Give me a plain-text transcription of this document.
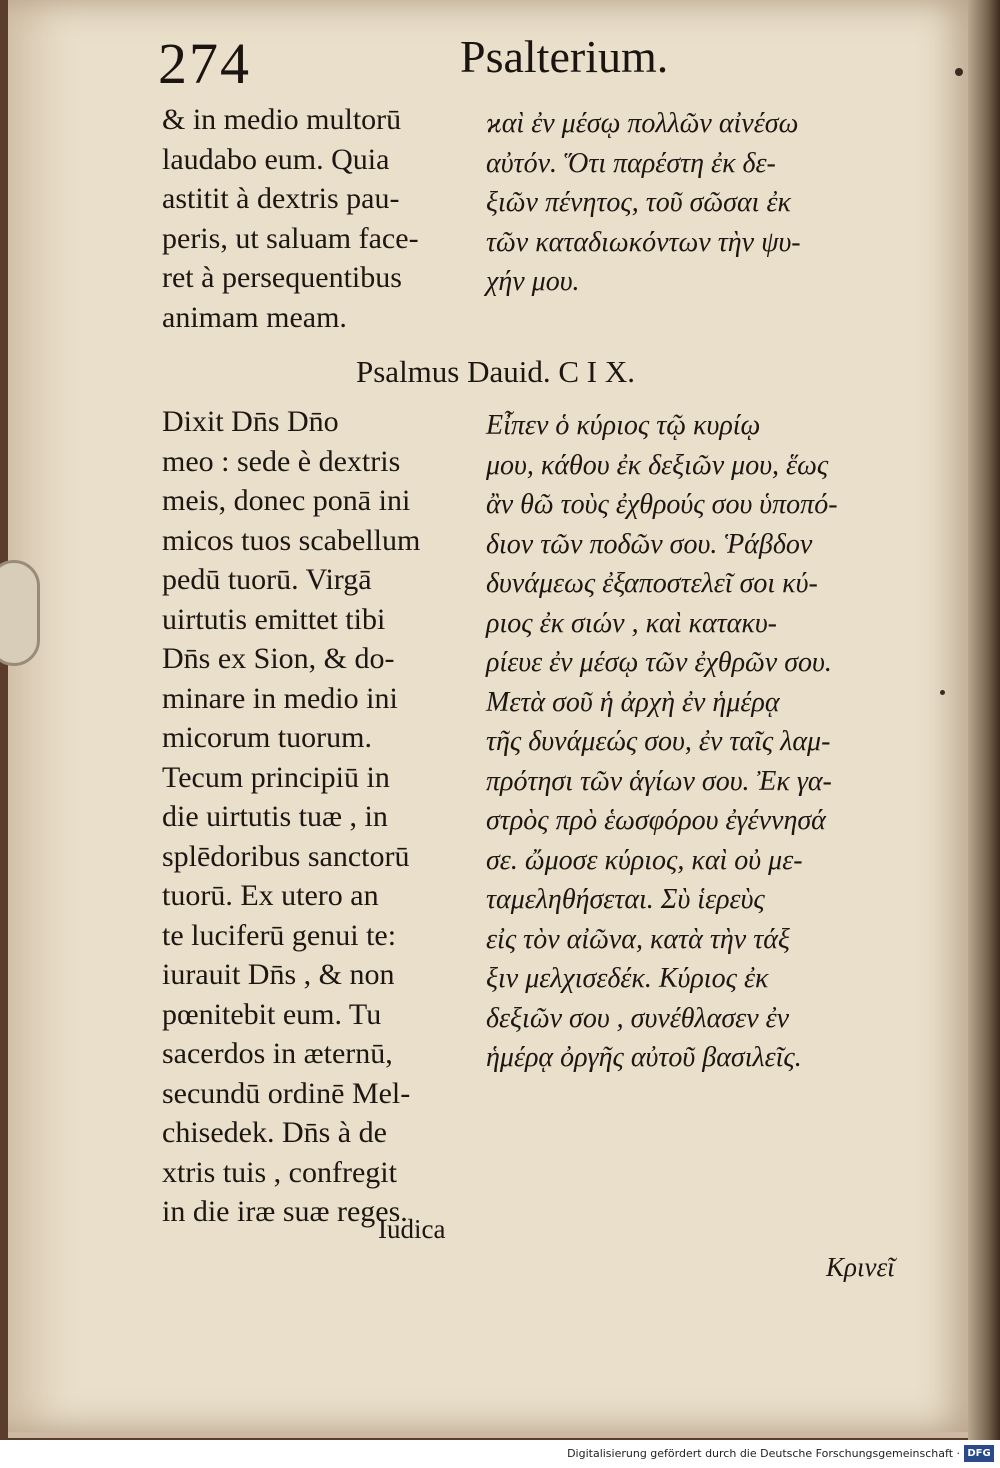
274	Psalterium.
& in medio multorū
laudabo eum. Quia
astitit à dextris pau-
peris, ut saluam face-
ret à persequentibus
animam meam.
ϰαὶ ἐν μέσῳ πολλῶν αἰνέσω
αὐτόν. Ὅτι παρέστη ἐκ δε-
ξιῶν πένητος, τοῦ σῶσαι ἐκ
τῶν καταδιωκόντων τὴν ψυ-
χήν μου.
Psalmus Dauid. C I X.
Dixit Dn̄s Dn̄o
meo : sede è dextris
meis, donec ponā ini
micos tuos scabellum
pedū tuorū. Virgā
uirtutis emittet tibi
Dn̄s ex Sion, & do-
minare in medio ini
micorum tuorum.
Tecum principiū in
die uirtutis tuæ , in
splēdoribus sanctorū
tuorū. Ex utero an
te luciferū genui te:
iurauit Dn̄s , & non
pœnitebit eum. Tu
sacerdos in æternū,
secundū ordinē Mel-
chisedek. Dn̄s à de
xtris tuis , confregit
in die iræ suæ reges.
Εἶπεν ὁ κύριος τῷ κυρίῳ
μου, κάθου ἐκ δεξιῶν μου, ἕως
ἂν θῶ τοὺς ἐχθρούς σου ὑποπό-
διον τῶν ποδῶν σου. Ῥάβδον
δυνάμεως ἐξαποστελεῖ σοι κύ-
ριος ἐκ σιών , καὶ κατακυ-
ρίευε ἐν μέσῳ τῶν ἐχθρῶν σου.
Μετὰ σοῦ ἡ ἀρχὴ ἐν ἡμέρᾳ
τῆς δυνάμεώς σου, ἐν ταῖς λαμ-
πρότησι τῶν ἁγίων σου. Ἐκ γα-
στρὸς πρὸ ἑωσφόρου ἐγέννησά
σε. ὤμοσε κύριος, καὶ οὐ με-
ταμεληθήσεται. Σὺ ἱερεὺς
εἰς τὸν αἰῶνα, κατὰ τὴν τάξ
ξιν μελχισεδέκ. Κύριος ἐκ
δεξιῶν σου , συνέθλασεν ἐν
ἡμέρᾳ ὀργῆς αὐτοῦ βασιλεῖς.
Iudica
Κρινεῖ
Digitalisierung gefördert durch die Deutsche Forschungsgemeinschaft · DFG
